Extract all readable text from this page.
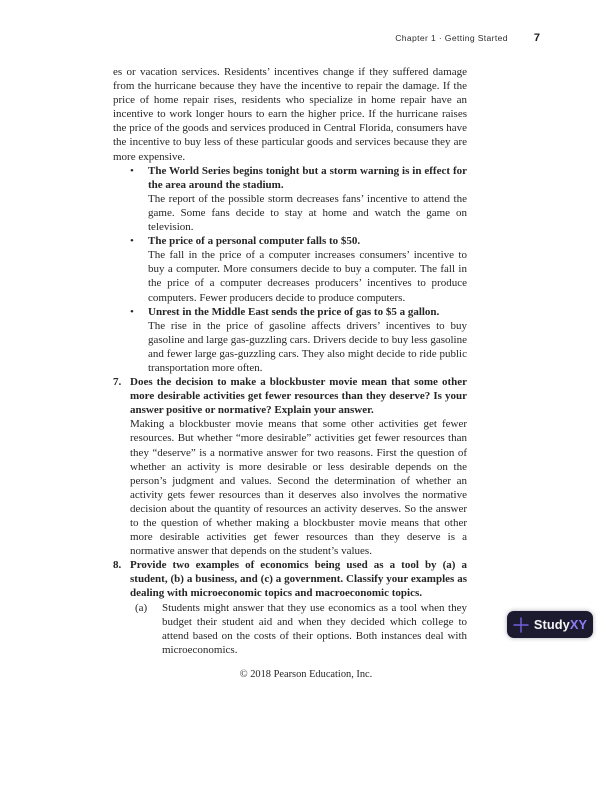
Chapter 1 · Getting Started 7

es or vacation services. Residents’ incentives change if they suffered damage from the hurricane because they have the incentive to repair the damage. If the price of home repair rises, residents who specialize in home repair have an incentive to work longer hours to earn the higher price. If the hurricane raises the price of the goods and services produced in Central Florida, consumers have the incentive to buy less of these particular goods and services because they are more expensive.

• The World Series begins tonight but a storm warning is in effect for the area around the stadium.

The report of the possible storm decreases fans’ incentive to attend the game. Some fans decide to stay at home and watch the game on television.

• The price of a personal computer falls to $50.

The fall in the price of a computer increases consumers’ incentive to buy a computer. More consumers decide to buy a computer. The fall in the price of a computer decreases producers’ incentives to produce computers. Fewer producers decide to produce computers.

• Unrest in the Middle East sends the price of gas to $5 a gallon.

The rise in the price of gasoline affects drivers’ incentives to buy gasoline and large gas-guzzling cars. Drivers decide to buy less gasoline and fewer large gas-guzzling cars. They also might decide to ride public transportation more often.

7. Does the decision to make a blockbuster movie mean that some other more desirable activities get fewer resources than they deserve? Is your answer positive or normative? Explain your answer.

Making a blockbuster movie means that some other activities get fewer resources. But whether “more desirable” activities get fewer resources than they “deserve” is a normative answer for two reasons. First the question of whether an activity is more desirable or less desirable depends on the person’s judgment and values. Second the determination of whether an activity gets fewer resources than it deserves also involves the normative decision about the quantity of resources an activity deserves. So the answer to the question of whether making a blockbuster movie means that other more desirable activities get fewer resources than they deserve is a normative answer that depends on the student’s values.

8. Provide two examples of economics being used as a tool by (a) a student, (b) a business, and (c) a government. Classify your examples as dealing with microeconomic topics and macroeconomic topics.

(a) Students might answer that they use economics as a tool when they budget their student aid and when they decided which college to attend based on the costs of their options. Both instances deal with microeconomics.

© 2018 Pearson Education, Inc.
StudyXY
